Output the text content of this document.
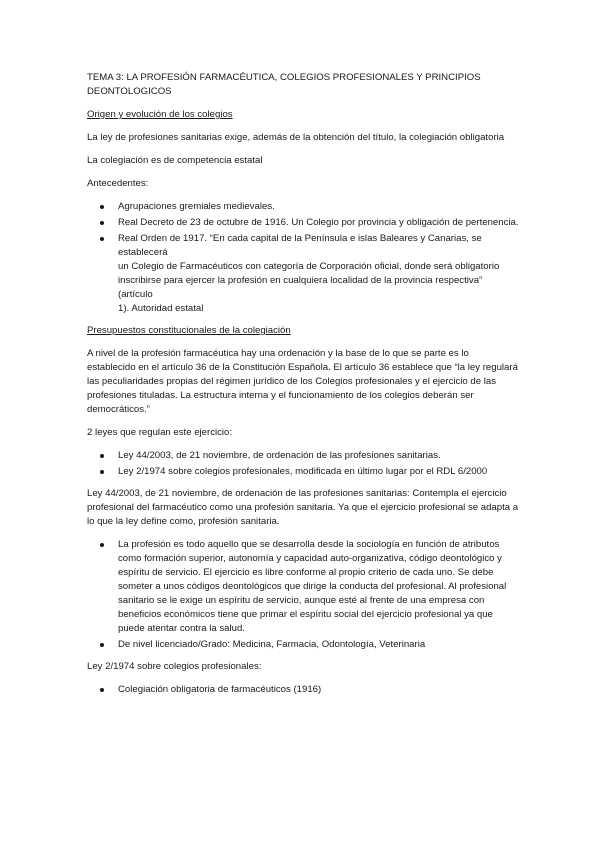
TEMA 3: LA PROFESIÓN FARMACÉUTICA, COLEGIOS PROFESIONALES Y PRINCIPIOS DEONTOLOGICOS

Origen y evolución de los colegios

La ley de profesiones sanitarias exige, además de la obtención del título, la colegiación obligatoria

La colegiación es de competencia estatal

Antecedentes:

Agrupaciones gremiales medievales.
Real Decreto de 23 de octubre de 1916. Un Colegio por provincia y obligación de pertenencia.
Real Orden de 1917. “En cada capital de la Península e islas Baleares y Canarias, se establecerá
un Colegio de Farmacéuticos con categoría de Corporación oficial, donde será obligatorio
inscribirse para ejercer la profesión en cualquiera localidad de la provincia respectiva” (artículo
1). Autoridad estatal

Presupuestos constitucionales de la colegiación

A nivel de la profesión farmacéutica hay una ordenación y la base de lo que se parte es lo establecido en el artículo 36 de la Constitución Española. El artículo 36 establece que “la ley regulará las peculiaridades propias del régimen jurídico de los Colegios profesionales y el ejercicio de las profesiones tituladas. La estructura interna y el funcionamiento de los colegios deberán ser democráticos.”

2 leyes que regulan este ejercicio:

Ley 44/2003, de 21 noviembre, de ordenación de las profesiones sanitarias.
Ley 2/1974 sobre colegios profesionales, modificada en último lugar por el RDL 6/2000

Ley 44/2003, de 21 noviembre, de ordenación de las profesiones sanitarias: Contempla el ejercicio profesional del farmacéutico como una profesión sanitaria. Ya que el ejercicio profesional se adapta a lo que la ley define como, profesión sanitaria.

La profesión es todo aquello que se desarrolla desde la sociología en función de atributos como formación superior, autonomía y capacidad auto-organizativa, código deontológico y espíritu de servicio. El ejercicio es libre conforme al propio criterio de cada uno. Se debe someter a unos códigos deontológicos que dirige la conducta del profesional. Al profesional sanitario se le exige un espíritu de servicio, aunque esté al frente de una empresa con beneficios económicos tiene que primar el espíritu social del ejercicio profesional ya que puede atentar contra la salud.
De nivel licenciado/Grado: Medicina, Farmacia, Odontología, Veterinaria

Ley 2/1974 sobre colegios profesionales:

Colegiación obligatoria de farmacéuticos (1916)
